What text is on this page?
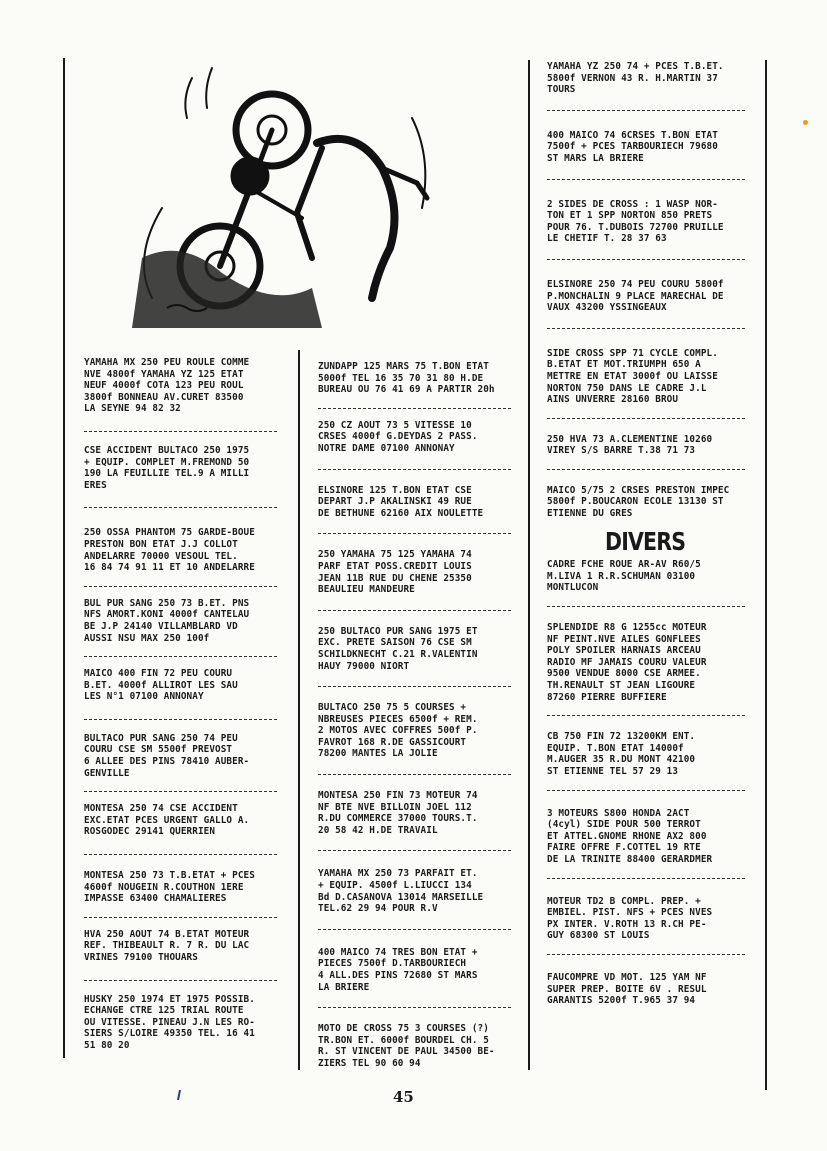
YAMAHA MX 250 PEU ROULE COMME
NVE 4800f YAMAHA YZ 125 ETAT
NEUF 4000f COTA 123 PEU ROUL
3800f BONNEAU AV.CURET 83500
LA SEYNE 94 82 32

CSE ACCIDENT BULTACO 250 1975
+ EQUIP. COMPLET M.FREMOND 50
190 LA FEUILLIE TEL.9 A MILLI
ERES

250 OSSA PHANTOM 75 GARDE-BOUE
PRESTON BON ETAT J.J COLLOT
ANDELARRE 70000 VESOUL TEL.
16 84 74 91 11 ET 10 ANDELARRE

BUL PUR SANG 250 73 B.ET. PNS
NFS AMORT.KONI 4000f CANTELAU
BE J.P 24140 VILLAMBLARD VD
AUSSI NSU MAX 250 100f

MAICO 400 FIN 72 PEU COURU
B.ET. 4000f ALLIROT LES SAU
LES N°1 07100 ANNONAY

BULTACO PUR SANG 250 74 PEU
COURU CSE SM 5500f PREVOST
6 ALLEE DES PINS 78410 AUBER-
GENVILLE

MONTESA 250 74 CSE ACCIDENT
EXC.ETAT PCES URGENT GALLO A.
ROSGODEC 29141 QUERRIEN

MONTESA 250 73 T.B.ETAT + PCES
4600f NOUGEIN R.COUTHON 1ERE
IMPASSE 63400 CHAMALIERES

HVA 250 AOUT 74 B.ETAT MOTEUR
REF. THIBEAULT R. 7 R. DU LAC
VRINES 79100 THOUARS

HUSKY 250 1974 ET 1975 POSSIB.
ECHANGE CTRE 125 TRIAL ROUTE
OU VITESSE. PINEAU J.N LES RO-
SIERS S/LOIRE 49350 TEL. 16 41
51 80 20

ZUNDAPP 125 MARS 75 T.BON ETAT
5000f TEL 16 35 70 31 80 H.DE
BUREAU OU 76 41 69 A PARTIR 20h

250 CZ AOUT 73 5 VITESSE 10
CRSES 4000f G.DEYDAS 2 PASS.
NOTRE DAME 07100 ANNONAY

ELSINORE 125 T.BON ETAT CSE
DEPART J.P AKALINSKI 49 RUE
DE BETHUNE 62160 AIX NOULETTE

250 YAMAHA 75 125 YAMAHA 74
PARF ETAT POSS.CREDIT LOUIS
JEAN 11B RUE DU CHENE 25350
BEAULIEU MANDEURE

250 BULTACO PUR SANG 1975 ET
EXC. PRETE SAISON 76 CSE SM
SCHILDKNECHT C.21 R.VALENTIN
HAUY 79000 NIORT

BULTACO 250 75 5 COURSES +
NBREUSES PIECES 6500f + REM.
2 MOTOS AVEC COFFRES 500f P.
FAVROT 168 R.DE GASSICOURT
78200 MANTES LA JOLIE

MONTESA 250 FIN 73 MOTEUR 74
NF BTE NVE BILLOIN JOEL 112
R.DU COMMERCE 37000 TOURS.T.
20 58 42 H.DE TRAVAIL

YAMAHA MX 250 73 PARFAIT ET.
+ EQUIP. 4500f L.LIUCCI 134
Bd D.CASANOVA 13014 MARSEILLE
TEL.62 29 94 POUR R.V

400 MAICO 74 TRES BON ETAT +
PIECES 7500f D.TARBOURIECH
4 ALL.DES PINS 72680 ST MARS
LA BRIERE

MOTO DE CROSS 75 3 COURSES (?)
TR.BON ET. 6000f BOURDEL CH. 5
R. ST VINCENT DE PAUL 34500 BE-
ZIERS TEL 90 60 94

YAMAHA YZ 250 74 + PCES T.B.ET.
5800f VERNON 43 R. H.MARTIN 37
TOURS

400 MAICO 74 6CRSES T.BON ETAT
7500f + PCES TARBOURIECH 79680
ST MARS LA BRIERE

2 SIDES DE CROSS : 1 WASP NOR-
TON ET 1 SPP NORTON 850 PRETS
POUR 76. T.DUBOIS 72700 PRUILLE
LE CHETIF T. 28 37 63

ELSINORE 250 74 PEU COURU 5800f
P.MONCHALIN 9 PLACE MARECHAL DE
VAUX 43200 YSSINGEAUX

SIDE CROSS SPP 71 CYCLE COMPL.
B.ETAT ET MOT.TRIUMPH 650 A
METTRE EN ETAT 3000f OU LAISSE
NORTON 750 DANS LE CADRE J.L
AINS UNVERRE 28160 BROU

250 HVA 73 A.CLEMENTINE 10260
VIREY S/S BARRE T.38 71 73

MAICO 5/75 2 CRSES PRESTON IMPEC
5800f P.BOUCARON ECOLE 13130 ST
ETIENNE DU GRES

DIVERS

CADRE FCHE ROUE AR-AV R60/5
M.LIVA 1 R.R.SCHUMAN 03100
MONTLUCON

SPLENDIDE R8 G 1255cc MOTEUR
NF PEINT.NVE AILES GONFLEES
POLY SPOILER HARNAIS ARCEAU
RADIO MF JAMAIS COURU VALEUR
9500 VENDUE 8000 CSE ARMEE.
TH.RENAULT ST JEAN LIGOURE
87260 PIERRE BUFFIERE

CB 750 FIN 72 13200KM ENT.
EQUIP. T.BON ETAT 14000f
M.AUGER 35 R.DU MONT 42100
ST ETIENNE TEL 57 29 13

3 MOTEURS S800 HONDA 2ACT
(4cyl) SIDE POUR 500 TERROT
ET ATTEL.GNOME RHONE AX2 800
FAIRE OFFRE F.COTTEL 19 RTE
DE LA TRINITE 88400 GERARDMER

MOTEUR TD2 B COMPL. PREP. +
EMBIEL. PIST. NFS + PCES NVES
PX INTER. V.ROTH 13 R.CH PE-
GUY 68300 ST LOUIS

FAUCOMPRE VD MOT. 125 YAM NF
SUPER PREP. BOITE 6V . RESUL
GARANTIS 5200f T.965 37 94

45
